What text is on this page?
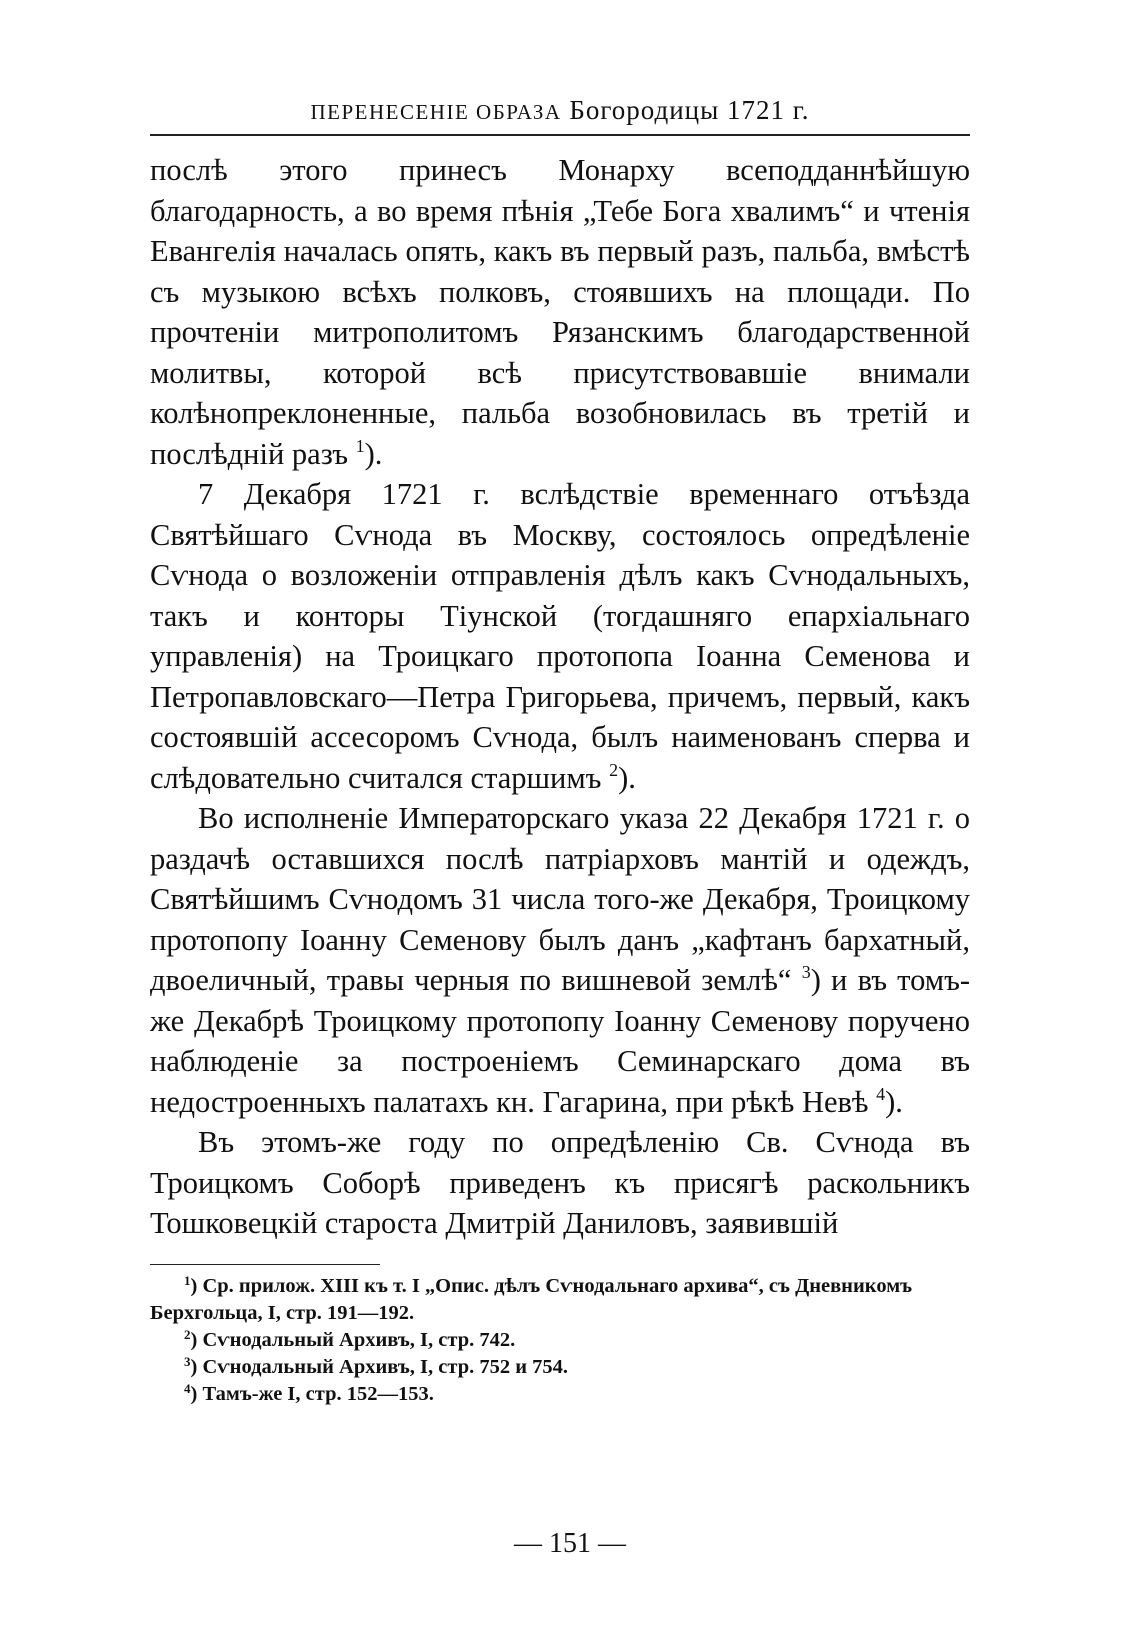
ПЕРЕНЕСЕНІЕ ОБРАЗА Богородицы 1721 г.

послѣ этого принесъ Монарху всеподданнѣйшую благодарность, а во время пѣнія „Тебе Бога хвалимъ“ и чтенія Евангелія началась опять, какъ въ первый разъ, пальба, вмѣстѣ съ музыкою всѣхъ полковъ, стоявшихъ на площади. По прочтеніи митрополитомъ Рязанскимъ благодарственной молитвы, которой всѣ присутствовавшіе внимали колѣнопреклоненные, пальба возобновилась въ третій и послѣдній разъ $^1$).

7 Декабря 1721 г. вслѣдствіе временнаго отъѣзда Святѣйшаго Сѵнода въ Москву, состоялось опредѣленіе Сѵнода о возложеніи отправленія дѣлъ какъ Сѵнодальныхъ, такъ и конторы Тіунской (тогдашняго епархіальнаго управленія) на Троицкаго протопопа Іоанна Семенова и Петропавловскаго—Петра Григорьева, причемъ, первый, какъ состоявшій ассесоромъ Сѵнода, былъ наименованъ сперва и слѣдовательно считался старшимъ $^2$).

Во исполненіе Императорскаго указа 22 Декабря 1721 г. о раздачѣ оставшихся послѣ патріарховъ мантій и одеждъ, Святѣйшимъ Сѵнодомъ 31 числа того-же Декабря, Троицкому протопопу Іоанну Семенову былъ данъ „кафтанъ бархатный, двоеличный, травы черныя по вишневой землѣ“ $^3$) и въ томъ-же Декабрѣ Троицкому протопопу Іоанну Семенову поручено наблюденіе за построеніемъ Семинарскаго дома въ недостроенныхъ палатахъ кн. Гагарина, при рѣкѣ Невѣ $^4$).

Въ этомъ-же году по опредѣленію Св. Сѵнода въ Троицкомъ Соборѣ приведенъ къ присягѣ раскольникъ Тошковецкій староста Дмитрій Даниловъ, заявившій

$^1$) Ср. прилож. XIII къ т. I „Опис. дѣлъ Сѵнодальнаго архива“, съ Дневникомъ Берхгольца, I, стр. 191—192.
$^2$) Сѵнодальный Архивъ, I, стр. 742.
$^3$) Сѵнодальный Архивъ, I, стр. 752 и 754.
$^4$) Тамъ-же I, стр. 152—153.
— 151 —
